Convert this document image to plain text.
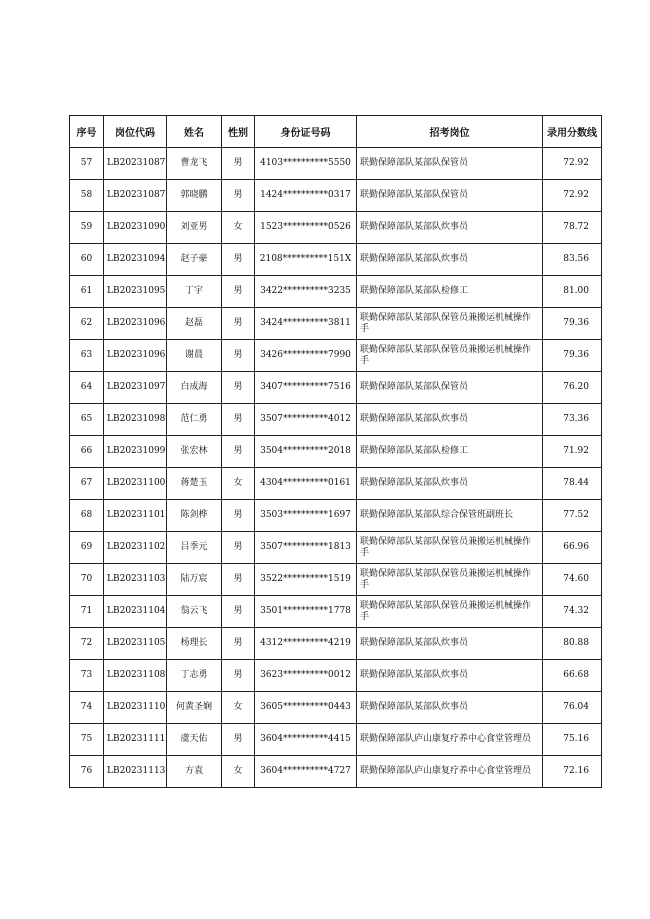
序号	岗位代码	姓名	性别	身份证号码	招考岗位	录用分数线
57	LB20231087	曹龙飞	男	4103**********5550	联勤保障部队某部队保管员	72.92
58	LB20231087	郭晓鹏	男	1424**********0317	联勤保障部队某部队保管员	72.92
59	LB20231090	刘亚男	女	1523**********0526	联勤保障部队某部队炊事员	78.72
60	LB20231094	赵子豪	男	2108**********151X	联勤保障部队某部队炊事员	83.56
61	LB20231095	丁宇	男	3422**********3235	联勤保障部队某部队检修工	81.00
62	LB20231096	赵磊	男	3424**********3811	联勤保障部队某部队保管员兼搬运机械操作手	79.36
63	LB20231096	谢晨	男	3426**********7990	联勤保障部队某部队保管员兼搬运机械操作手	79.36
64	LB20231097	白成海	男	3407**********7516	联勤保障部队某部队保管员	76.20
65	LB20231098	范仁勇	男	3507**********4012	联勤保障部队某部队炊事员	73.36
66	LB20231099	张宏林	男	3504**********2018	联勤保障部队某部队检修工	71.92
67	LB20231100	蒋楚玉	女	4304**********0161	联勤保障部队某部队炊事员	78.44
68	LB20231101	陈剑桦	男	3503**********1697	联勤保障部队某部队综合保管班副班长	77.52
69	LB20231102	吕季元	男	3507**********1813	联勤保障部队某部队保管员兼搬运机械操作手	66.96
70	LB20231103	陆万宸	男	3522**********1519	联勤保障部队某部队保管员兼搬运机械操作手	74.60
71	LB20231104	翁云飞	男	3501**********1778	联勤保障部队某部队保管员兼搬运机械操作手	74.32
72	LB20231105	杨理长	男	4312**********4219	联勤保障部队某部队炊事员	80.88
73	LB20231108	丁志勇	男	3623**********0012	联勤保障部队某部队炊事员	66.68
74	LB20231110	何黄圣娴	女	3605**********0443	联勤保障部队某部队炊事员	76.04
75	LB20231111	虞天佑	男	3604**********4415	联勤保障部队庐山康复疗养中心食堂管理员	75.16
76	LB20231113	方袁	女	3604**********4727	联勤保障部队庐山康复疗养中心食堂管理员	72.16
